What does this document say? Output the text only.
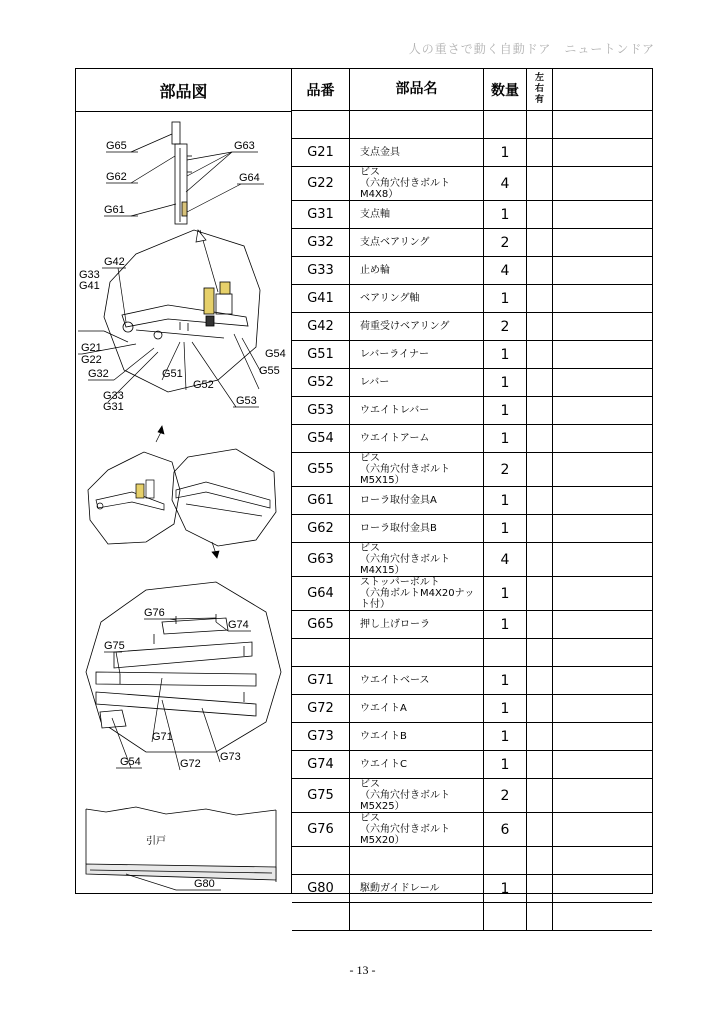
人の重さで動く自動ドア　ニュートンドア
部品図
G65	G63
G62	G64
G61
G42
G33
G41
G21
G22	G54
G55
G32	G51
G52
G33
G31	G53
G76
G74
G75
G71
G54	G72
G73
引戸
G80
品番	部品名	数量	左
右
有	

G21	支点金具	1		
G22	ビス
（六角穴付きボルトM4X8）	4		
G31	支点軸	1		
G32	支点ベアリング	2		
G33	止め輪	4		
G41	ベアリング軸	1		
G42	荷重受けベアリング	2		
G51	レバーライナー	1		
G52	レバー	1		
G53	ウエイトレバー	1		
G54	ウエイトアーム	1		
G55	ビス
（六角穴付きボルトM5X15）	2		
G61	ローラ取付金具A	1		
G62	ローラ取付金具B	1		
G63	ビス
（六角穴付きボルトM4X15）	4		
G64	ストッパーボルト
（六角ボルトM4X20ナット付）	1		
G65	押し上げローラ	1		

G71	ウエイトベース	1		
G72	ウエイトA	1		
G73	ウエイトB	1		
G74	ウエイトC	1		
G75	ビス
（六角穴付きボルトM5X25）	2		
G76	ビス
（六角穴付きボルトM5X20）	6		

G80	駆動ガイドレール	1		

- 13 -
